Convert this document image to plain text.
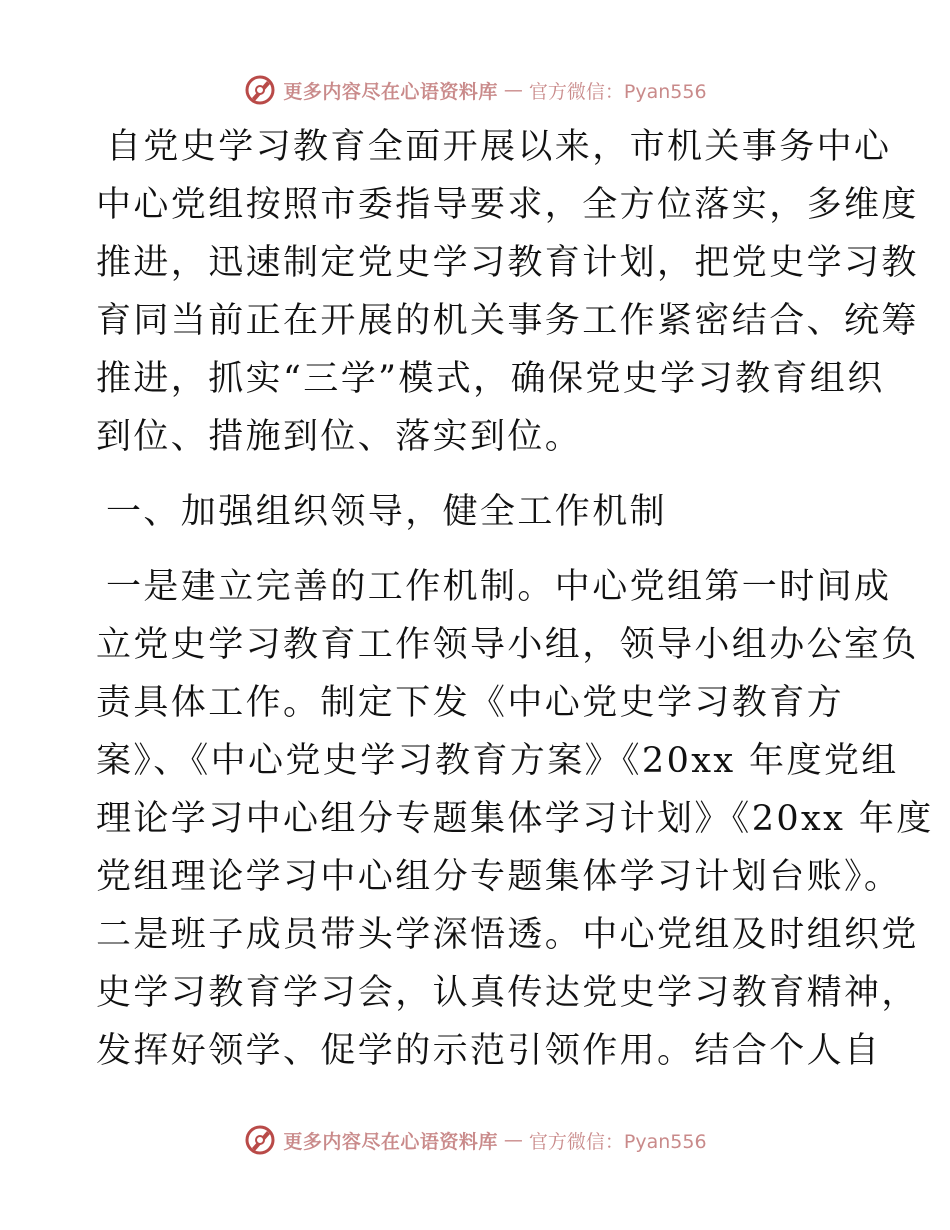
更多内容尽在心语资料库 — 官方微信：Pyan556

自党史学习教育全面开展以来，市机关事务中心

中心党组按照市委指导要求，全方位落实，多维度

推进，迅速制定党史学习教育计划，把党史学习教

育同当前正在开展的机关事务工作紧密结合、统筹

推进，抓实“三学”模式，确保党史学习教育组织

到位、措施到位、落实到位。

一、加强组织领导，健全工作机制

一是建立完善的工作机制。中心党组第一时间成

立党史学习教育工作领导小组，领导小组办公室负

责具体工作。制定下发《中心党史学习教育方

案》、《中心党史学习教育方案》《20xx 年度党组

理论学习中心组分专题集体学习计划》《20xx 年度

党组理论学习中心组分专题集体学习计划台账》。

二是班子成员带头学深悟透。中心党组及时组织党

史学习教育学习会，认真传达党史学习教育精神，

发挥好领学、促学的示范引领作用。结合个人自

更多内容尽在心语资料库 — 官方微信：Pyan556
